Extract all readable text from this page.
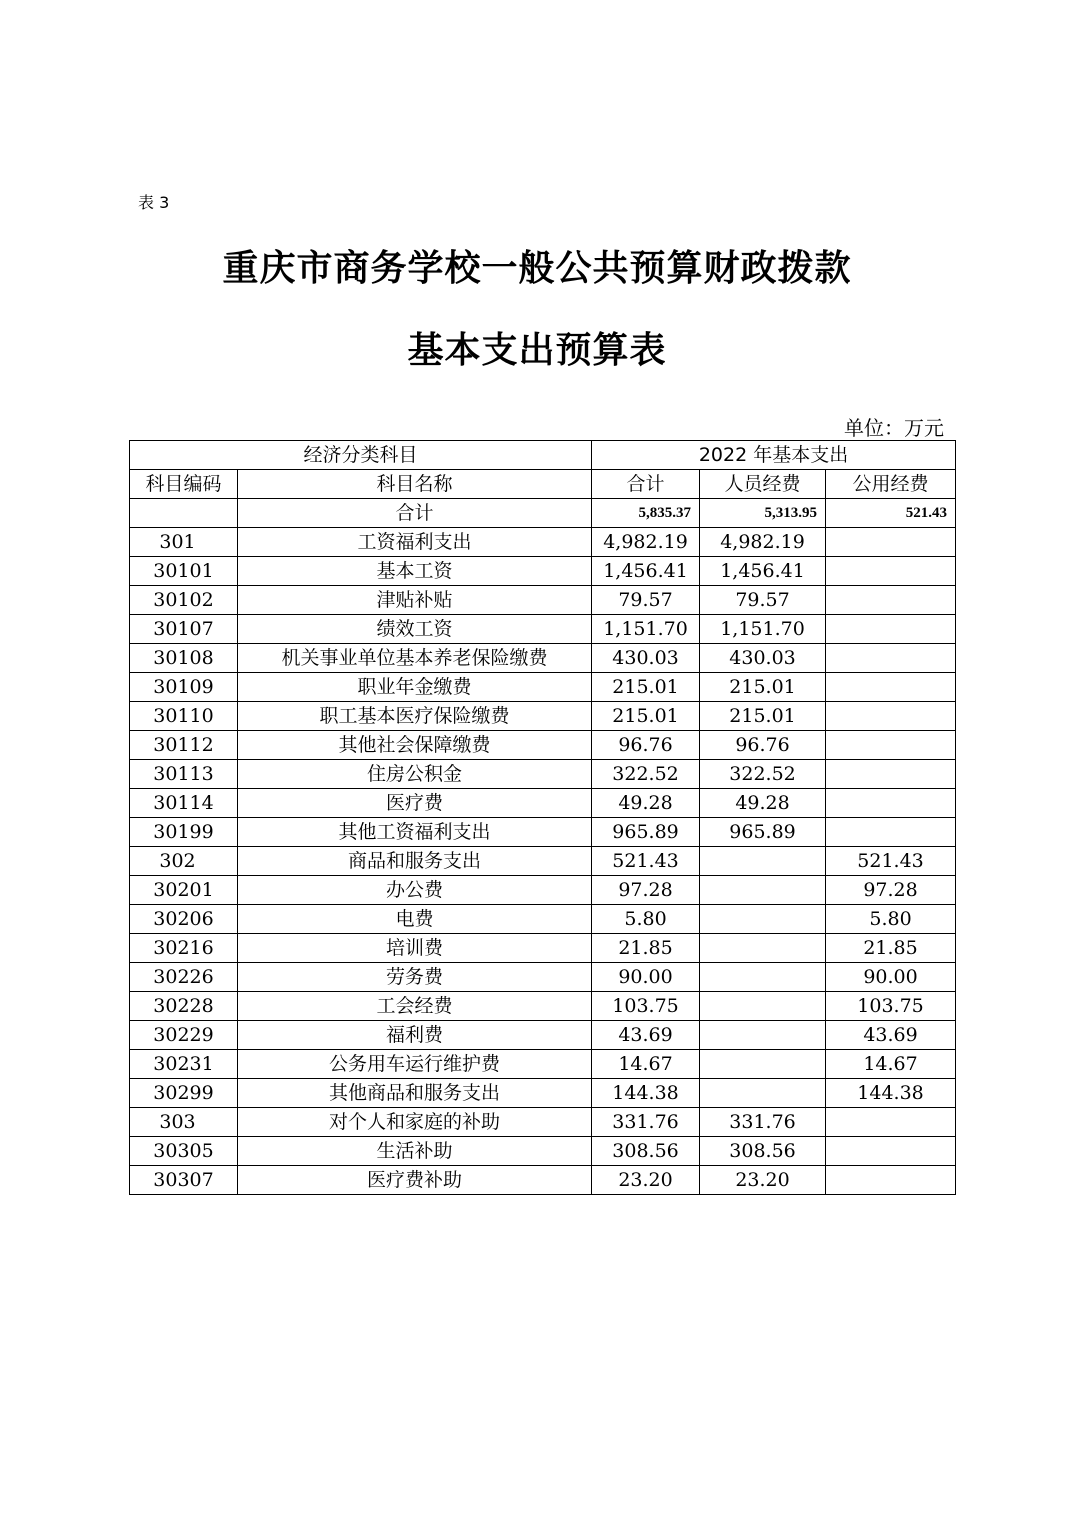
表 3
重庆市商务学校一般公共预算财政拨款
基本支出预算表
单位：万元
经济分类科目		2022 年基本支出		
科目编码	科目名称	合计	人员经费	公用经费
	合计	5,835.37	5,313.95	521.43
301	工资福利支出	4,982.19	4,982.19	
30101	基本工资	1,456.41	1,456.41	
30102	津贴补贴	79.57	79.57	
30107	绩效工资	1,151.70	1,151.70	
30108	机关事业单位基本养老保险缴费	430.03	430.03	
30109	职业年金缴费	215.01	215.01	
30110	职工基本医疗保险缴费	215.01	215.01	
30112	其他社会保障缴费	96.76	96.76	
30113	住房公积金	322.52	322.52	
30114	医疗费	49.28	49.28	
30199	其他工资福利支出	965.89	965.89	
302	商品和服务支出	521.43		521.43
30201	办公费	97.28		97.28
30206	电费	5.80		5.80
30216	培训费	21.85		21.85
30226	劳务费	90.00		90.00
30228	工会经费	103.75		103.75
30229	福利费	43.69		43.69
30231	公务用车运行维护费	14.67		14.67
30299	其他商品和服务支出	144.38		144.38
303	对个人和家庭的补助	331.76	331.76	
30305	生活补助	308.56	308.56	
30307	医疗费补助	23.20	23.20	
